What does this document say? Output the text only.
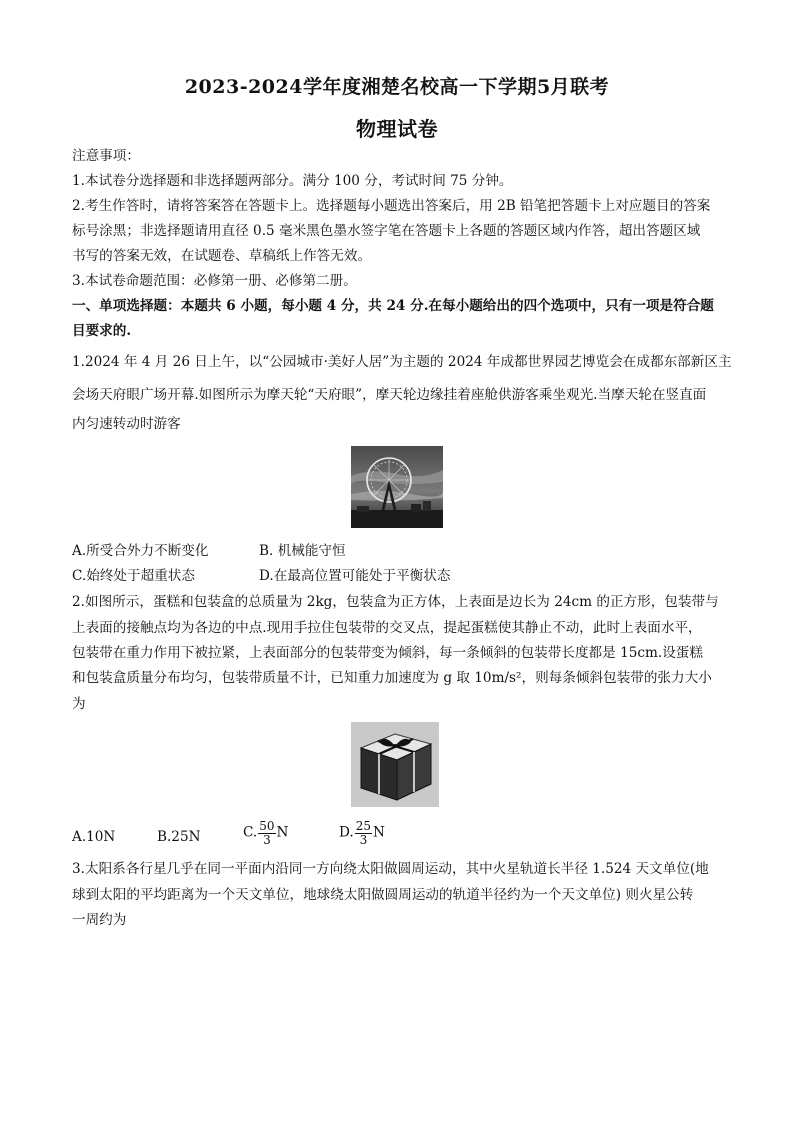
2023-2024学年度湘楚名校高一下学期5月联考
物理试卷
注意事项：
1.本试卷分选择题和非选择题两部分。满分 100 分，考试时间 75 分钟。
2.考生作答时，请将答案答在答题卡上。选择题每小题选出答案后，用 2B 铅笔把答题卡上对应题目的答案
标号涂黑；非选择题请用直径 0.5 毫米黑色墨水签字笔在答题卡上各题的答题区域内作答，超出答题区域
书写的答案无效，在试题卷、草稿纸上作答无效。
3.本试卷命题范围：必修第一册、必修第二册。
一、单项选择题：本题共 6 小题，每小题 4 分，共 24 分.在每小题给出的四个选项中，只有一项是符合题
目要求的.
1.2024 年 4 月 26 日上午，以“公园城市·美好人居”为主题的 2024 年成都世界园艺博览会在成都东部新区主
会场天府眼广场开幕.如图所示为摩天轮“天府眼”，摩天轮边缘挂着座舱供游客乘坐观光.当摩天轮在竖直面
内匀速转动时游客
A.所受合外力不断变化	B. 机械能守恒
C.始终处于超重状态	D.在最高位置可能处于平衡状态
2.如图所示，蛋糕和包装盒的总质量为 2kg，包装盒为正方体，上表面是边长为 24cm 的正方形，包装带与
上表面的接触点均为各边的中点.现用手拉住包装带的交叉点，提起蛋糕使其静止不动，此时上表面水平，
包装带在重力作用下被拉紧，上表面部分的包装带变为倾斜，每一条倾斜的包装带长度都是 15cm.设蛋糕
和包装盒质量分布均匀，包装带质量不计，已知重力加速度为 g 取 10m/s²，则每条倾斜包装带的张力大小
为
A.10N	B.25N	C. $\frac{50}{3}$ N	D. $\frac{25}{3}$ N
3.太阳系各行星几乎在同一平面内沿同一方向绕太阳做圆周运动，其中火星轨道长半径 1.524 天文单位(地
球到太阳的平均距离为一个天文单位，地球绕太阳做圆周运动的轨道半径约为一个天文单位) 则火星公转
一周约为
